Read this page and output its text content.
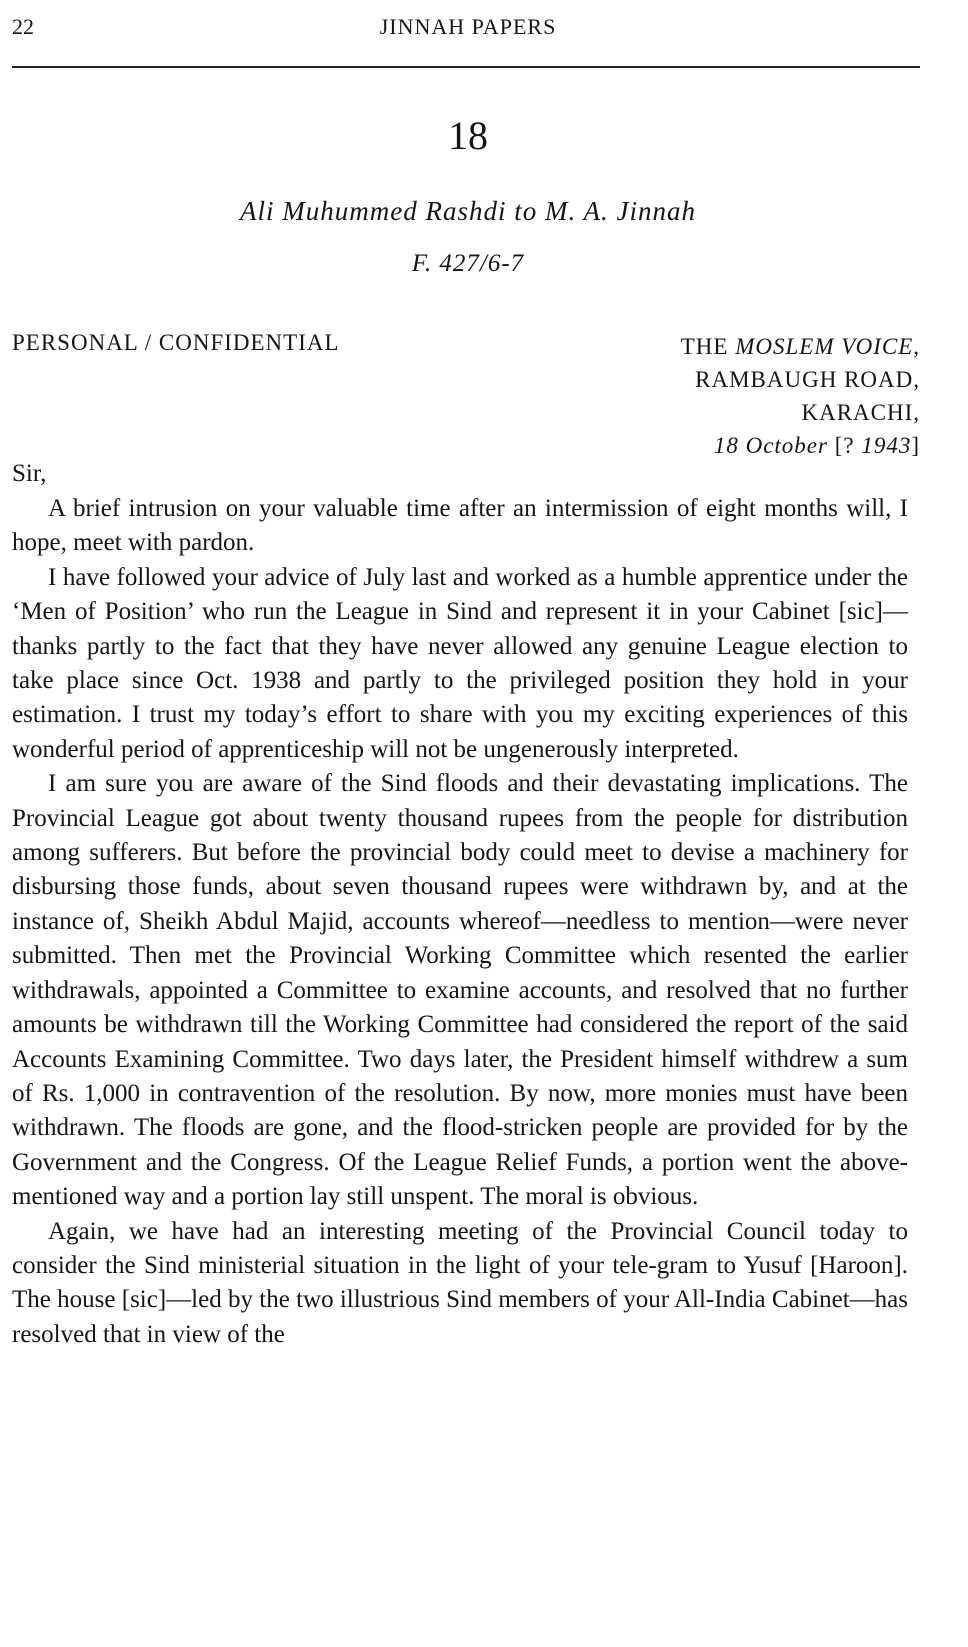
22	JINNAH PAPERS
18
Ali Muhummed Rashdi to M. A. Jinnah
F. 427/6-7
PERSONAL / CONFIDENTIAL	THE MOSLEM VOICE,
RAMBAUGH ROAD,
KARACHI,
18 October [? 1943]
Sir,

A brief intrusion on your valuable time after an intermission of eight months will, I hope, meet with pardon.

I have followed your advice of July last and worked as a humble apprentice under the ‘Men of Position’ who run the League in Sind and represent it in your Cabinet [sic]—thanks partly to the fact that they have never allowed any genuine League election to take place since Oct. 1938 and partly to the privileged position they hold in your estimation. I trust my today’s effort to share with you my exciting experiences of this wonderful period of apprenticeship will not be ungenerously interpreted.

I am sure you are aware of the Sind floods and their devastating implications. The Provincial League got about twenty thousand rupees from the people for distribution among sufferers. But before the provincial body could meet to devise a machinery for disbursing those funds, about seven thousand rupees were withdrawn by, and at the instance of, Sheikh Abdul Majid, accounts whereof—needless to mention—were never submitted. Then met the Provincial Working Committee which resented the earlier withdrawals, appointed a Committee to examine accounts, and resolved that no further amounts be withdrawn till the Working Committee had considered the report of the said Accounts Examining Committee. Two days later, the President himself withdrew a sum of Rs. 1,000 in contravention of the resolution. By now, more monies must have been withdrawn. The floods are gone, and the flood-stricken people are provided for by the Government and the Congress. Of the League Relief Funds, a portion went the above-mentioned way and a portion lay still unspent. The moral is obvious.

Again, we have had an interesting meeting of the Provincial Council today to consider the Sind ministerial situation in the light of your tele-gram to Yusuf [Haroon]. The house [sic]—led by the two illustrious Sind members of your All-India Cabinet—has resolved that in view of the
